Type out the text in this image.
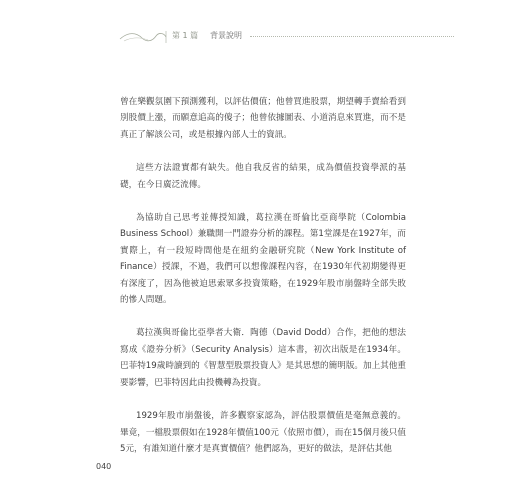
第 1 篇 背景說明

曾在樂觀氛圍下預測獲利，以評估價值；他曾買進股票，期望轉手賣給看到別股價上漲，而願意追高的傻子；他曾依據圖表、小道消息來買進，而不是真正了解該公司，或是根據內部人士的資訊。

這些方法證實都有缺失。他自我反省的結果，成為價值投資學派的基礎，在今日廣泛流傳。

為協助自己思考並傳授知識，葛拉漢在哥倫比亞商學院（Colombia Business School）兼職開一門證券分析的課程。第1堂課是在1927年，而實際上，有一段短時間他是在紐約金融研究院（New York Institute of Finance）授課，不過，我們可以想像課程內容，在1930年代初期變得更有深度了，因為他被迫思索眾多投資策略，在1929年股市崩盤時全部失敗的慘人問題。

葛拉漢與哥倫比亞學者大衛．陶德（David Dodd）合作，把他的想法寫成《證券分析》（Security Analysis）這本書，初次出版是在1934年。巴菲特19歲時讀到的《智慧型股票投資人》是其思想的簡明版。加上其他重要影響，巴菲特因此由投機轉為投資。

1929年股市崩盤後，許多觀察家認為，評估股票價值是毫無意義的。畢竟，一檔股票假如在1928年價值100元（依照市價），而在15個月後只值5元，有誰知道什麼才是真實價值？他們認為，更好的做法，是評估其他

040
